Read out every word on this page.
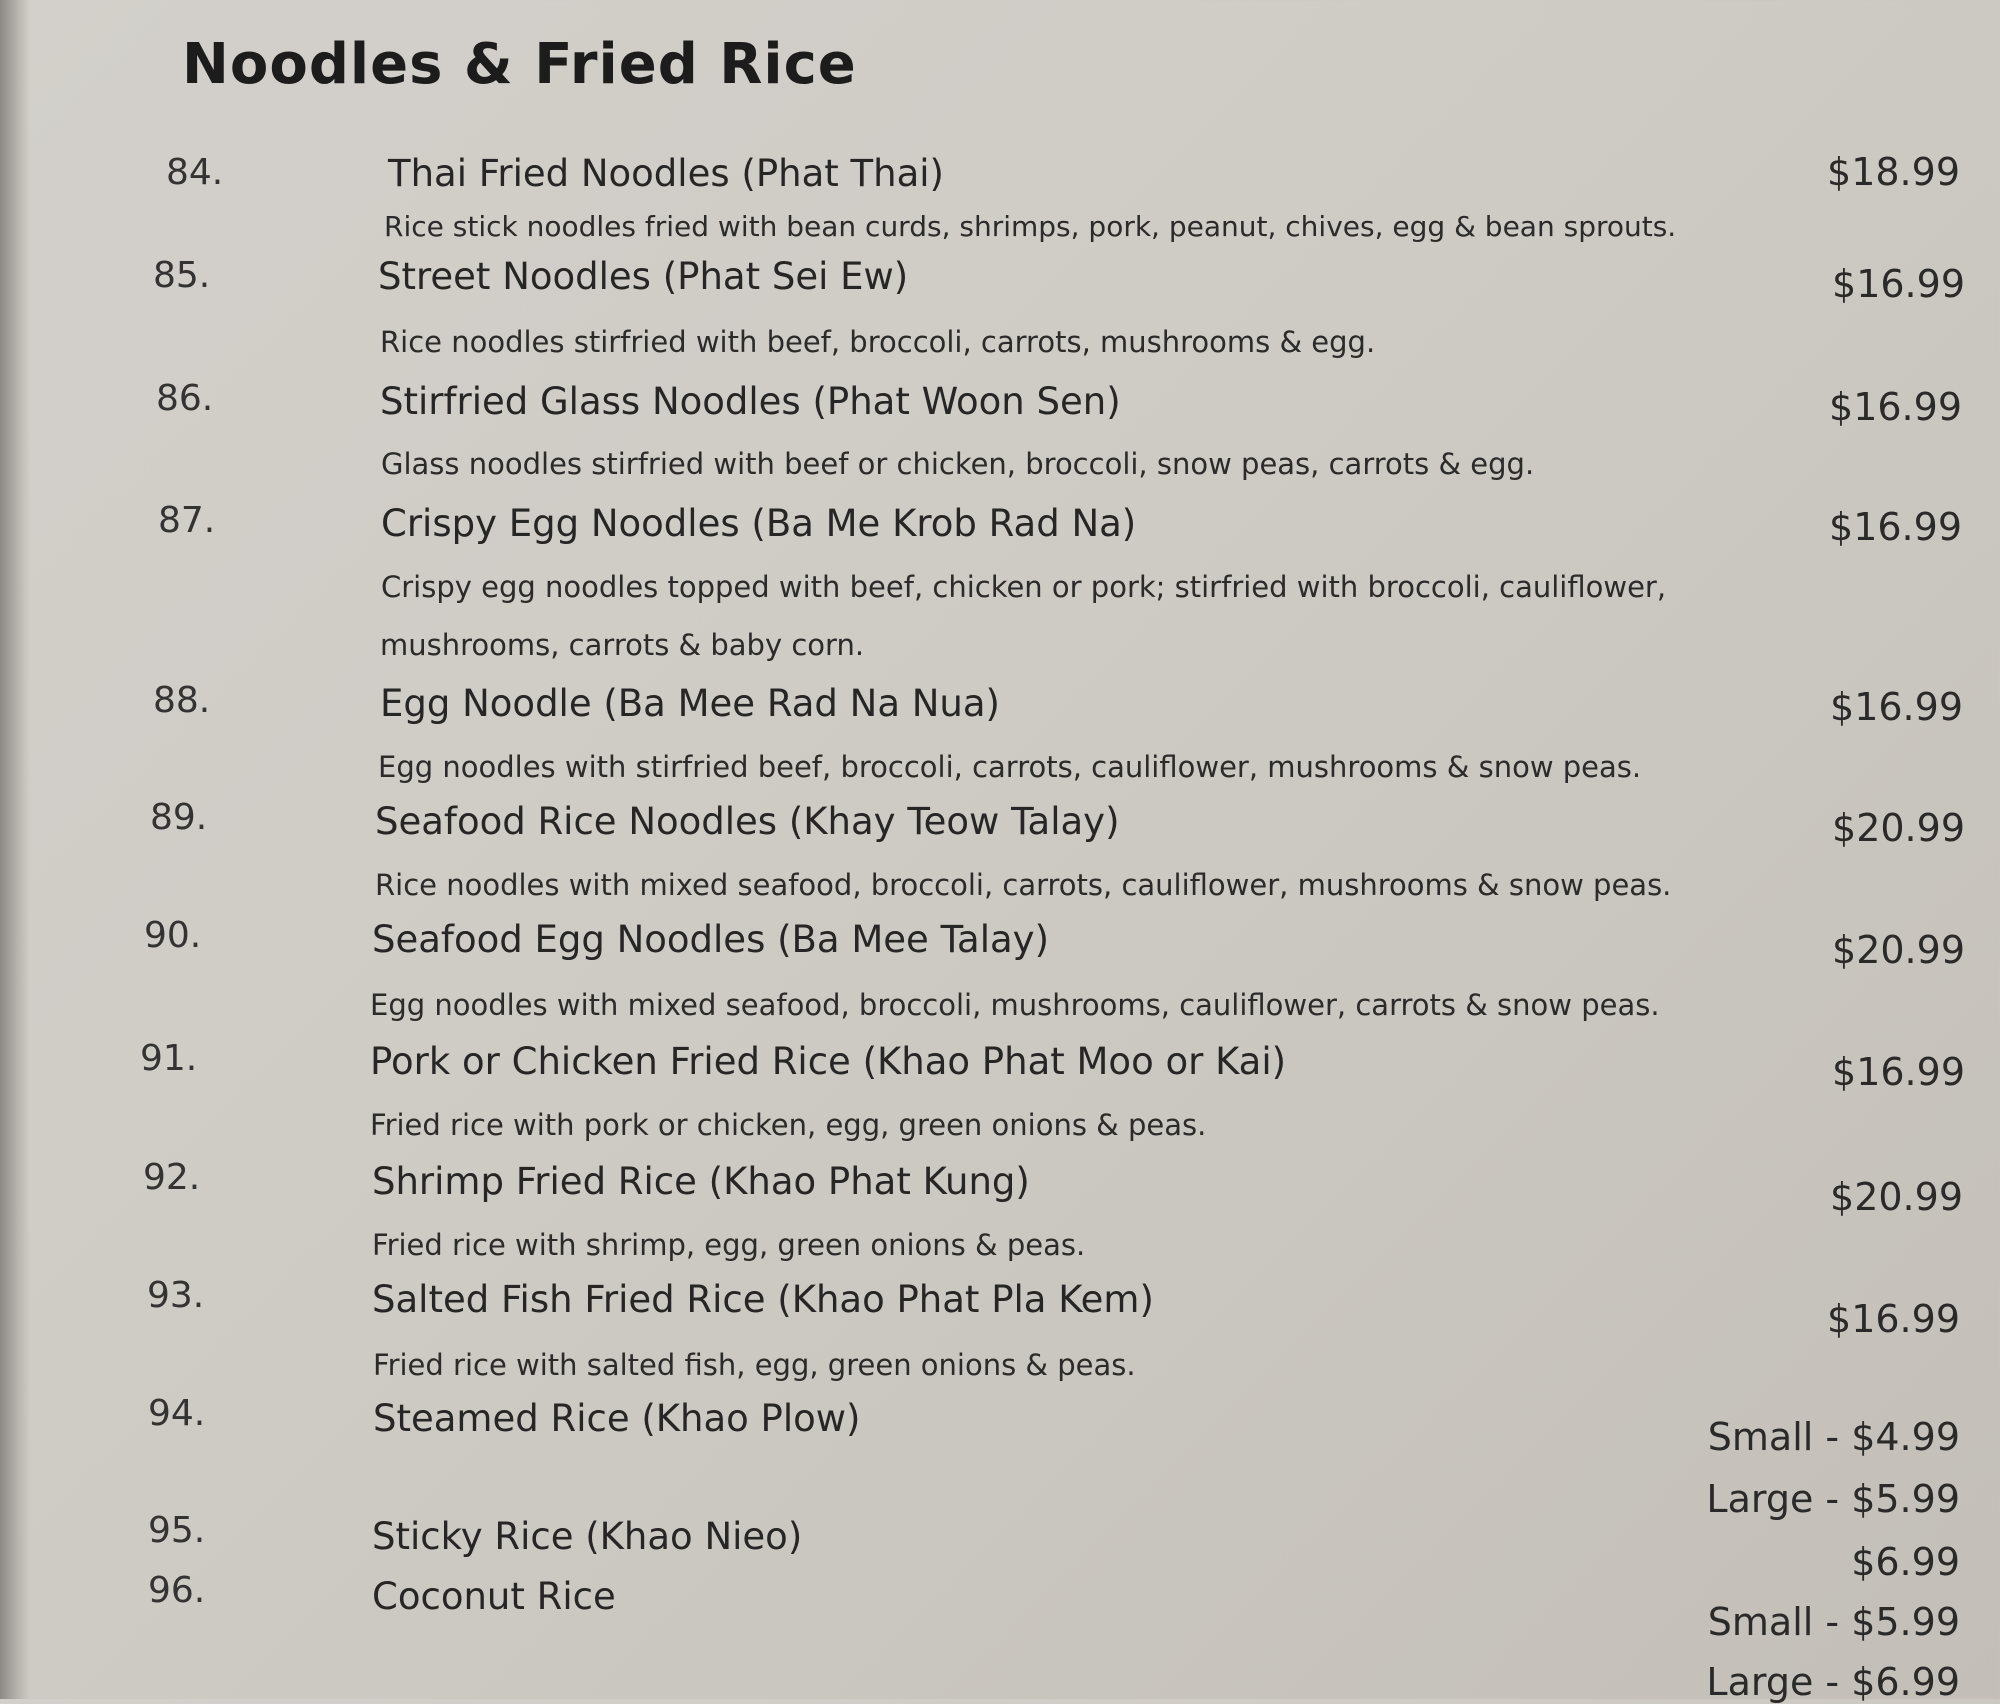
Noodles & Fried Rice
84.	Thai Fried Noodles (Phat Thai)	$18.99
Rice stick noodles fried with bean curds, shrimps, pork, peanut, chives, egg & bean sprouts.
85.	Street Noodles (Phat Sei Ew)	$16.99
Rice noodles stirfried with beef, broccoli, carrots, mushrooms & egg.
86.	Stirfried Glass Noodles (Phat Woon Sen)	$16.99
Glass noodles stirfried with beef or chicken, broccoli, snow peas, carrots & egg.
87.	Crispy Egg Noodles (Ba Me Krob Rad Na)	$16.99
Crispy egg noodles topped with beef, chicken or pork; stirfried with broccoli, cauliflower,
mushrooms, carrots & baby corn.
88.	Egg Noodle (Ba Mee Rad Na Nua)	$16.99
Egg noodles with stirfried beef, broccoli, carrots, cauliflower, mushrooms & snow peas.
89.	Seafood Rice Noodles (Khay Teow Talay)	$20.99
Rice noodles with mixed seafood, broccoli, carrots, cauliflower, mushrooms & snow peas.
90.	Seafood Egg Noodles (Ba Mee Talay)	$20.99
Egg noodles with mixed seafood, broccoli, mushrooms, cauliflower, carrots & snow peas.
91.	Pork or Chicken Fried Rice (Khao Phat Moo or Kai)	$16.99
Fried rice with pork or chicken, egg, green onions & peas.
92.	Shrimp Fried Rice (Khao Phat Kung)	$20.99
Fried rice with shrimp, egg, green onions & peas.
93.	Salted Fish Fried Rice (Khao Phat Pla Kem)	$16.99
Fried rice with salted fish, egg, green onions & peas.
94.	Steamed Rice (Khao Plow)	Small - $4.99
Large - $5.99
95.	Sticky Rice (Khao Nieo)
$6.99
96.	Coconut Rice
Small - $5.99
Large - $6.99
